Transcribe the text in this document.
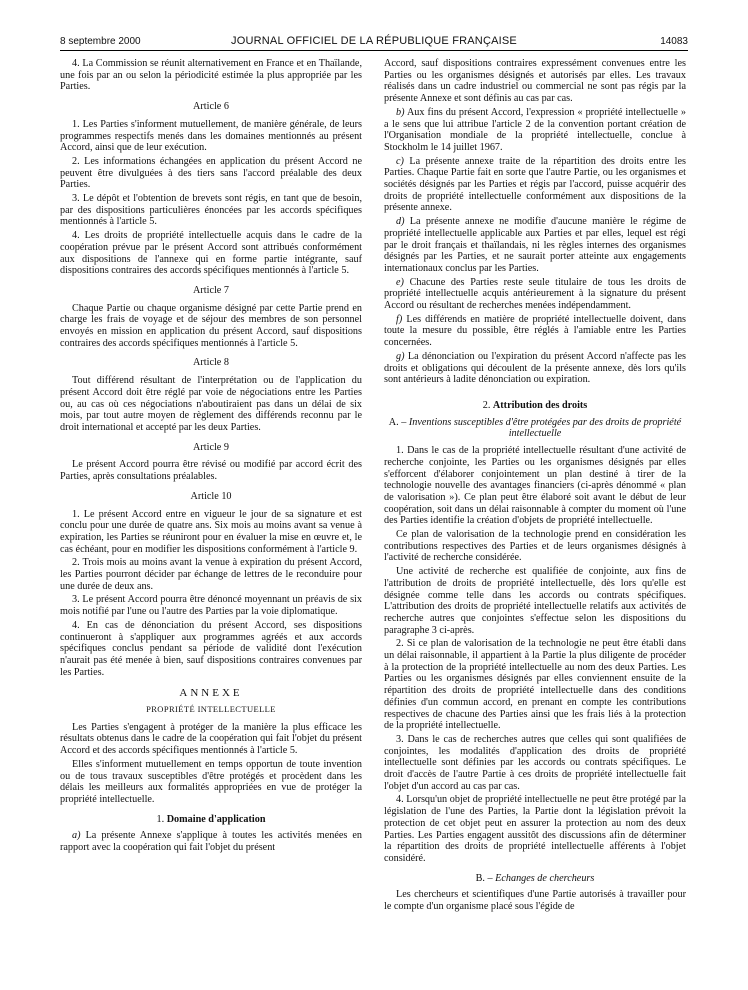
8 septembre 2000	JOURNAL OFFICIEL DE LA RÉPUBLIQUE FRANÇAISE	14083

4. La Commission se réunit alternativement en France et en Thaïlande, une fois par an ou selon la périodicité estimée la plus appropriée par les Parties.

Article 6

1. Les Parties s'informent mutuellement, de manière générale, de leurs programmes respectifs menés dans les domaines mentionnés au présent Accord, ainsi que de leur exécution.

2. Les informations échangées en application du présent Accord ne peuvent être divulguées à des tiers sans l'accord préalable des deux Parties.

3. Le dépôt et l'obtention de brevets sont régis, en tant que de besoin, par des dispositions particulières énoncées par les accords spécifiques mentionnés à l'article 5.

4. Les droits de propriété intellectuelle acquis dans le cadre de la coopération prévue par le présent Accord sont attribués conformément aux dispositions de l'annexe qui en forme partie intégrante, sauf dispositions contraires des accords spécifiques mentionnés à l'article 5.

Article 7

Chaque Partie ou chaque organisme désigné par cette Partie prend en charge les frais de voyage et de séjour des membres de son personnel envoyés en mission en application du présent Accord, sauf dispositions contraires des accords spécifiques mentionnés à l'article 5.

Article 8

Tout différend résultant de l'interprétation ou de l'application du présent Accord doit être réglé par voie de négociations entre les Parties ou, au cas où ces négociations n'aboutiraient pas dans un délai de six mois, par tout autre moyen de règlement des différends reconnu par le droit international et accepté par les deux Parties.

Article 9

Le présent Accord pourra être révisé ou modifié par accord écrit des Parties, après consultations préalables.

Article 10

1. Le présent Accord entre en vigueur le jour de sa signature et est conclu pour une durée de quatre ans. Six mois au moins avant sa venue à expiration, les Parties se réuniront pour en évaluer la mise en œuvre et, le cas échéant, pour en modifier les dispositions conformément à l'article 9.

2. Trois mois au moins avant la venue à expiration du présent Accord, les Parties pourront décider par échange de lettres de le reconduire pour une durée de deux ans.

3. Le présent Accord pourra être dénoncé moyennant un préavis de six mois notifié par l'une ou l'autre des Parties par la voie diplomatique.

4. En cas de dénonciation du présent Accord, ses dispositions continueront à s'appliquer aux programmes agréés et aux accords spécifiques conclus pendant sa période de validité dont l'exécution n'aurait pas été menée à bien, sauf dispositions contraires convenues par les Parties.

ANNEXE
PROPRIÉTÉ INTELLECTUELLE

Les Parties s'engagent à protéger de la manière la plus efficace les résultats obtenus dans le cadre de la coopération qui fait l'objet du présent Accord et des accords spécifiques mentionnés à l'article 5.

Elles s'informent mutuellement en temps opportun de toute invention ou de tous travaux susceptibles d'être protégés et procèdent dans les délais les meilleurs aux formalités appropriées en vue de protéger la propriété intellectuelle.

1. Domaine d'application

a) La présente Annexe s'applique à toutes les activités menées en rapport avec la coopération qui fait l'objet du présent

Accord, sauf dispositions contraires expressément convenues entre les Parties ou les organismes désignés et autorisés par elles. Les travaux réalisés dans un cadre industriel ou commercial ne sont pas régis par la présente Annexe et sont définis au cas par cas.

b) Aux fins du présent Accord, l'expression « propriété intellectuelle » a le sens que lui attribue l'article 2 de la convention portant création de l'Organisation mondiale de la propriété intellectuelle, conclue à Stockholm le 14 juillet 1967.

c) La présente annexe traite de la répartition des droits entre les Parties. Chaque Partie fait en sorte que l'autre Partie, ou les organismes et sociétés désignés par les Parties et régis par l'accord, puisse acquérir des droits de propriété intellectuelle conformément aux dispositions de la présente annexe.

d) La présente annexe ne modifie d'aucune manière le régime de propriété intellectuelle applicable aux Parties et par elles, lequel est régi par le droit français et thaïlandais, ni les règles internes des organismes désignés par les Parties, et ne saurait porter atteinte aux engagements internationaux conclus par les Parties.

e) Chacune des Parties reste seule titulaire de tous les droits de propriété intellectuelle acquis antérieurement à la signature du présent Accord ou résultant de recherches menées indépendamment.

f) Les différends en matière de propriété intellectuelle doivent, dans toute la mesure du possible, être réglés à l'amiable entre les Parties concernées.

g) La dénonciation ou l'expiration du présent Accord n'affecte pas les droits et obligations qui découlent de la présente annexe, dès lors qu'ils sont antérieurs à ladite dénonciation ou expiration.

2. Attribution des droits
A. – Inventions susceptibles d'être protégées par des droits de propriété intellectuelle

1. Dans le cas de la propriété intellectuelle résultant d'une activité de recherche conjointe, les Parties ou les organismes désignés par elles s'efforcent d'élaborer conjointement un plan destiné à tirer de la technologie nouvelle des avantages financiers (ci-après dénommé « plan de valorisation »). Ce plan peut être élaboré soit avant le début de leur coopération, soit dans un délai raisonnable à compter du moment où l'une des Parties identifie la création d'objets de propriété intellectuelle.

Ce plan de valorisation de la technologie prend en considération les contributions respectives des Parties et de leurs organismes désignés à l'activité de recherche considérée.

Une activité de recherche est qualifiée de conjointe, aux fins de l'attribution de droits de propriété intellectuelle, dès lors qu'elle est désignée comme telle dans les accords ou contrats spécifiques. L'attribution des droits de propriété intellectuelle relatifs aux activités de recherche autres que conjointes s'effectue selon les dispositions du paragraphe 3 ci-après.

2. Si ce plan de valorisation de la technologie ne peut être établi dans un délai raisonnable, il appartient à la Partie la plus diligente de procéder à la protection de la propriété intellectuelle au nom des deux Parties. Les Parties ou les organismes désignés par elles conviennent ensuite de la répartition des droits de propriété intellectuelle dans des conditions définies d'un commun accord, en prenant en compte les contributions respectives de chacune des Parties ainsi que les frais liés à la protection de la propriété intellectuelle.

3. Dans le cas de recherches autres que celles qui sont qualifiées de conjointes, les modalités d'application des droits de propriété intellectuelle sont définies par les accords ou contrats spécifiques. Le droit d'accès de l'autre Partie à ces droits de propriété intellectuelle fait l'objet d'un accord au cas par cas.

4. Lorsqu'un objet de propriété intellectuelle ne peut être protégé par la législation de l'une des Parties, la Partie dont la législation prévoit la protection de cet objet peut en assurer la protection au nom des deux Parties. Les Parties engagent aussitôt des discussions afin de déterminer la répartition des droits de propriété intellectuelle afférents à l'objet considéré.

B. – Echanges de chercheurs

Les chercheurs et scientifiques d'une Partie autorisés à travailler pour le compte d'un organisme placé sous l'égide de
